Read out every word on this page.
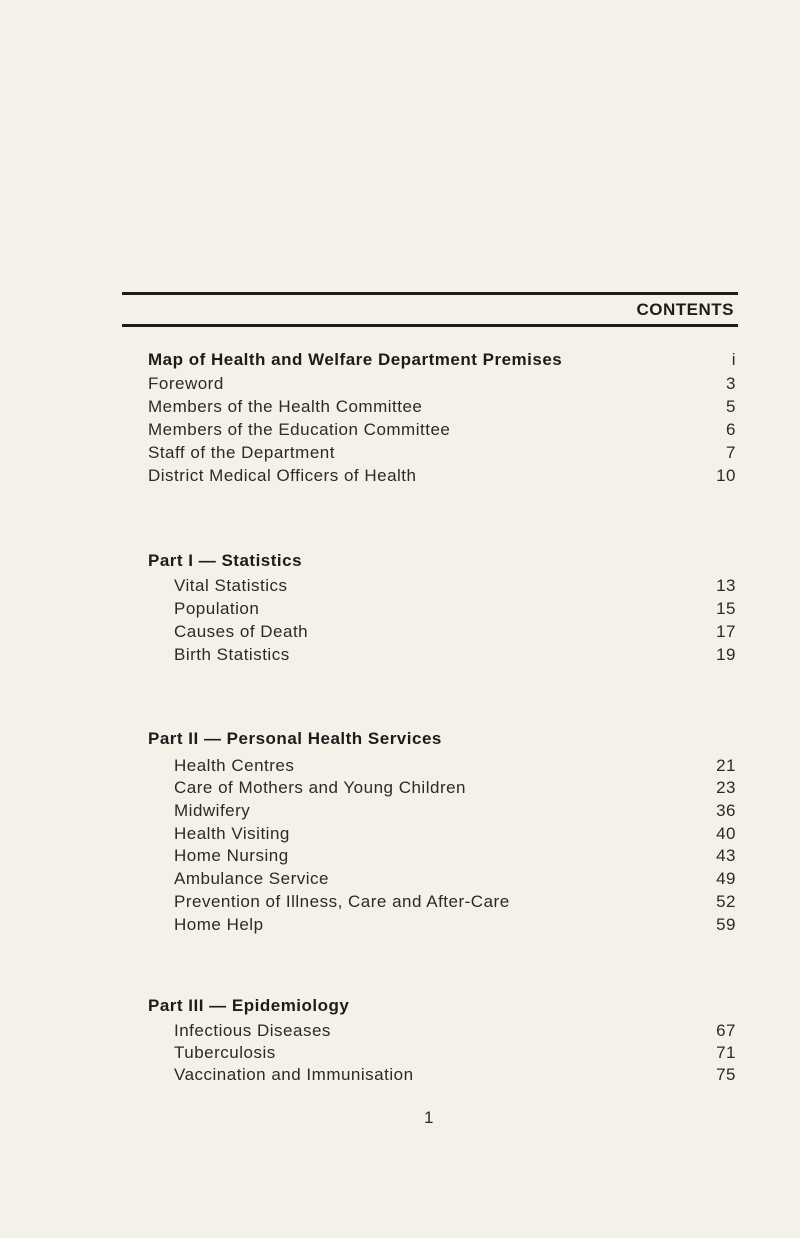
CONTENTS
Map of Health and Welfare Department Premises	i
Foreword	3
Members of the Health Committee	5
Members of the Education Committee	6
Staff of the Department	7
District Medical Officers of Health	10
Part I — Statistics
Vital Statistics	13
Population	15
Causes of Death	17
Birth Statistics	19
Part II — Personal Health Services
Health Centres	21
Care of Mothers and Young Children	23
Midwifery	36
Health Visiting	40
Home Nursing	43
Ambulance Service	49
Prevention of Illness, Care and After-Care	52
Home Help	59
Part III — Epidemiology
Infectious Diseases	67
Tuberculosis	71
Vaccination and Immunisation	75
1
